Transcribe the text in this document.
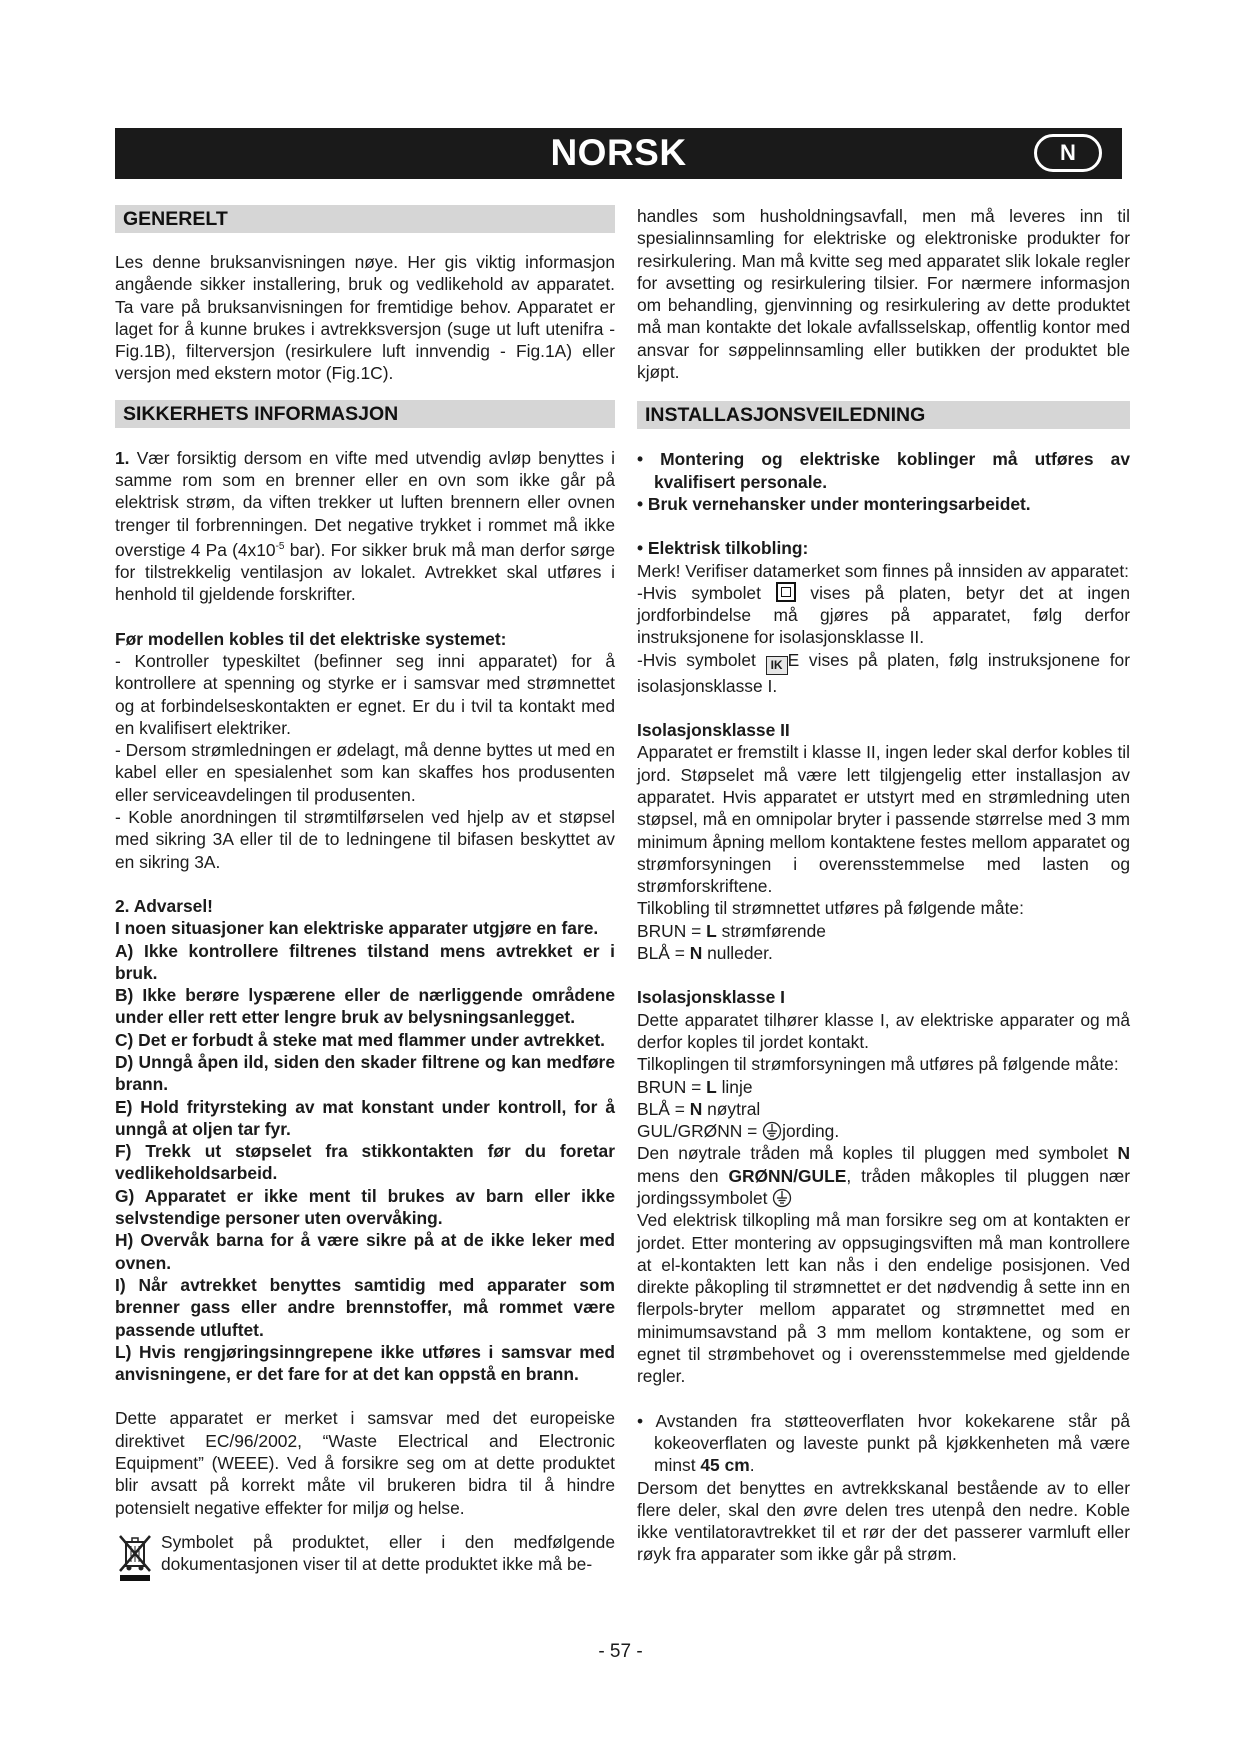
NORSK	N
GENERELT

Les denne bruksanvisningen nøye. Her gis viktig informasjon angående sikker installering, bruk og vedlikehold av apparatet. Ta vare på bruksanvisningen for fremtidige behov. Apparatet er laget for å kunne brukes i avtrekksversjon (suge ut luft utenifra - Fig.1B), filterversjon (resirkulere luft innvendig - Fig.1A) eller versjon med ekstern motor (Fig.1C).

SIKKERHETS INFORMASJON

1. Vær forsiktig dersom en vifte med utvendig avløp benyttes i samme rom som en brenner eller en ovn som ikke går på elektrisk strøm, da viften trekker ut luften brennern eller ovnen trenger til forbrenningen. Det negative trykket i rommet må ikke overstige 4 Pa ($4x10^{-5}$ bar). For sikker bruk må man derfor sørge for tilstrekkelig ventilasjon av lokalet. Avtrekket skal utføres i henhold til gjeldende forskrifter.

Før modellen kobles til det elektriske systemet:

- Kontroller typeskiltet (befinner seg inni apparatet) for å kontrollere at spenning og styrke er i samsvar med strømnettet og at forbindelseskontakten er egnet. Er du i tvil ta kontakt med en kvalifisert elektriker.

- Dersom strømledningen er ødelagt, må denne byttes ut med en kabel eller en spesialenhet som kan skaffes hos produsenten eller serviceavdelingen til produsenten.

- Koble anordningen til strømtilførselen ved hjelp av et støpsel med sikring 3A eller til de to ledningene til bifasen beskyttet av en sikring 3A.

2. Advarsel!

I noen situasjoner kan elektriske apparater utgjøre en fare.

A) Ikke kontrollere filtrenes tilstand mens avtrekket er i bruk.

B) Ikke berøre lyspærene eller de nærliggende områdene under eller rett etter lengre bruk av belysningsanlegget.

C) Det er forbudt å steke mat med flammer under avtrekket.

D) Unngå åpen ild, siden den skader filtrene og kan medføre brann.

E) Hold frityrsteking av mat konstant under kontroll, for å unngå at oljen tar fyr.

F) Trekk ut støpselet fra stikkontakten før du foretar vedlikeholdsarbeid.

G) Apparatet er ikke ment til brukes av barn eller ikke selvstendige personer uten overvåking.

H) Overvåk barna for å være sikre på at de ikke leker med ovnen.

I) Når avtrekket benyttes samtidig med apparater som brenner gass eller andre brennstoffer, må rommet være passende utluftet.

L) Hvis rengjøringsinngrepene ikke utføres i samsvar med anvisningene, er det fare for at det kan oppstå en brann.

Dette apparatet er merket i samsvar med det europeiske direktivet EC/96/2002, “Waste Electrical and Electronic Equipment” (WEEE). Ved å forsikre seg om at dette produktet blir avsatt på korrekt måte vil brukeren bidra til å hindre potensielt negative effekter for miljø og helse.

Symbolet på produktet, eller i den medfølgende dokumentasjonen viser til at dette produktet ikke må be-

handles som husholdningsavfall, men må leveres inn til spesialinnsamling for elektriske og elektroniske produkter for resirkulering. Man må kvitte seg med apparatet slik lokale regler for avsetting og resirkulering tilsier. For nærmere informasjon om behandling, gjenvinning og resirkulering av dette produktet må man kontakte det lokale avfallsselskap, offentlig kontor med ansvar for søppelinnsamling eller butikken der produktet ble kjøpt.

INSTALLASJONSVEILEDNING

• Montering og elektriske koblinger må utføres av kvalifisert personale.

• Bruk vernehansker under monteringsarbeidet.

• Elektrisk tilkobling:

Merk! Verifiser datamerket som finnes på innsiden av apparatet:

-Hvis symbolet  vises på platen, betyr det at ingen jordforbindelse må gjøres på apparatet, følg derfor instruksjonene for isolasjonsklasse II.

-Hvis symbolet IK E vises på platen, følg instruksjonene for isolasjonsklasse I.

Isolasjonsklasse II

Apparatet er fremstilt i klasse II, ingen leder skal derfor kobles til jord. Støpselet må være lett tilgjengelig etter installasjon av apparatet. Hvis apparatet er utstyrt med en strømledning uten støpsel, må en omnipolar bryter i passende størrelse med 3 mm minimum åpning mellom kontaktene festes mellom apparatet og strømforsyningen i overensstemmelse med lasten og strømforskriftene.

Tilkobling til strømnettet utføres på følgende måte:

BRUN = L strømførende

BLÅ = N nulleder.

Isolasjonsklasse I

Dette apparatet tilhører klasse I, av elektriske apparater og må derfor koples til jordet kontakt.

Tilkoplingen til strømforsyningen må utføres på følgende måte:

BRUN = L linje

BLÅ = N nøytral

GUL/GRØNN = jording.

Den nøytrale tråden må koples til pluggen med symbolet N mens den GRØNN/GULE, tråden måkoples til pluggen nær jordingssymbolet

Ved elektrisk tilkopling må man forsikre seg om at kontakten er jordet. Etter montering av oppsugingsviften må man kontrollere at el-kontakten lett kan nås i den endelige posisjonen. Ved direkte påkopling til strømnettet er det nødvendig å sette inn en flerpols-bryter mellom apparatet og strømnettet med en minimumsavstand på 3 mm mellom kontaktene, og som er egnet til strømbehovet og i overensstemmelse med gjeldende regler.

• Avstanden fra støtteoverflaten hvor kokekarene står på kokeoverflaten og laveste punkt på kjøkkenheten må være minst 45 cm.

Dersom det benyttes en avtrekkskanal bestående av to eller flere deler, skal den øvre delen tres utenpå den nedre. Koble ikke ventilatoravtrekket til et rør der det passerer varmluft eller røyk fra apparater som ikke går på strøm.

- 57 -
